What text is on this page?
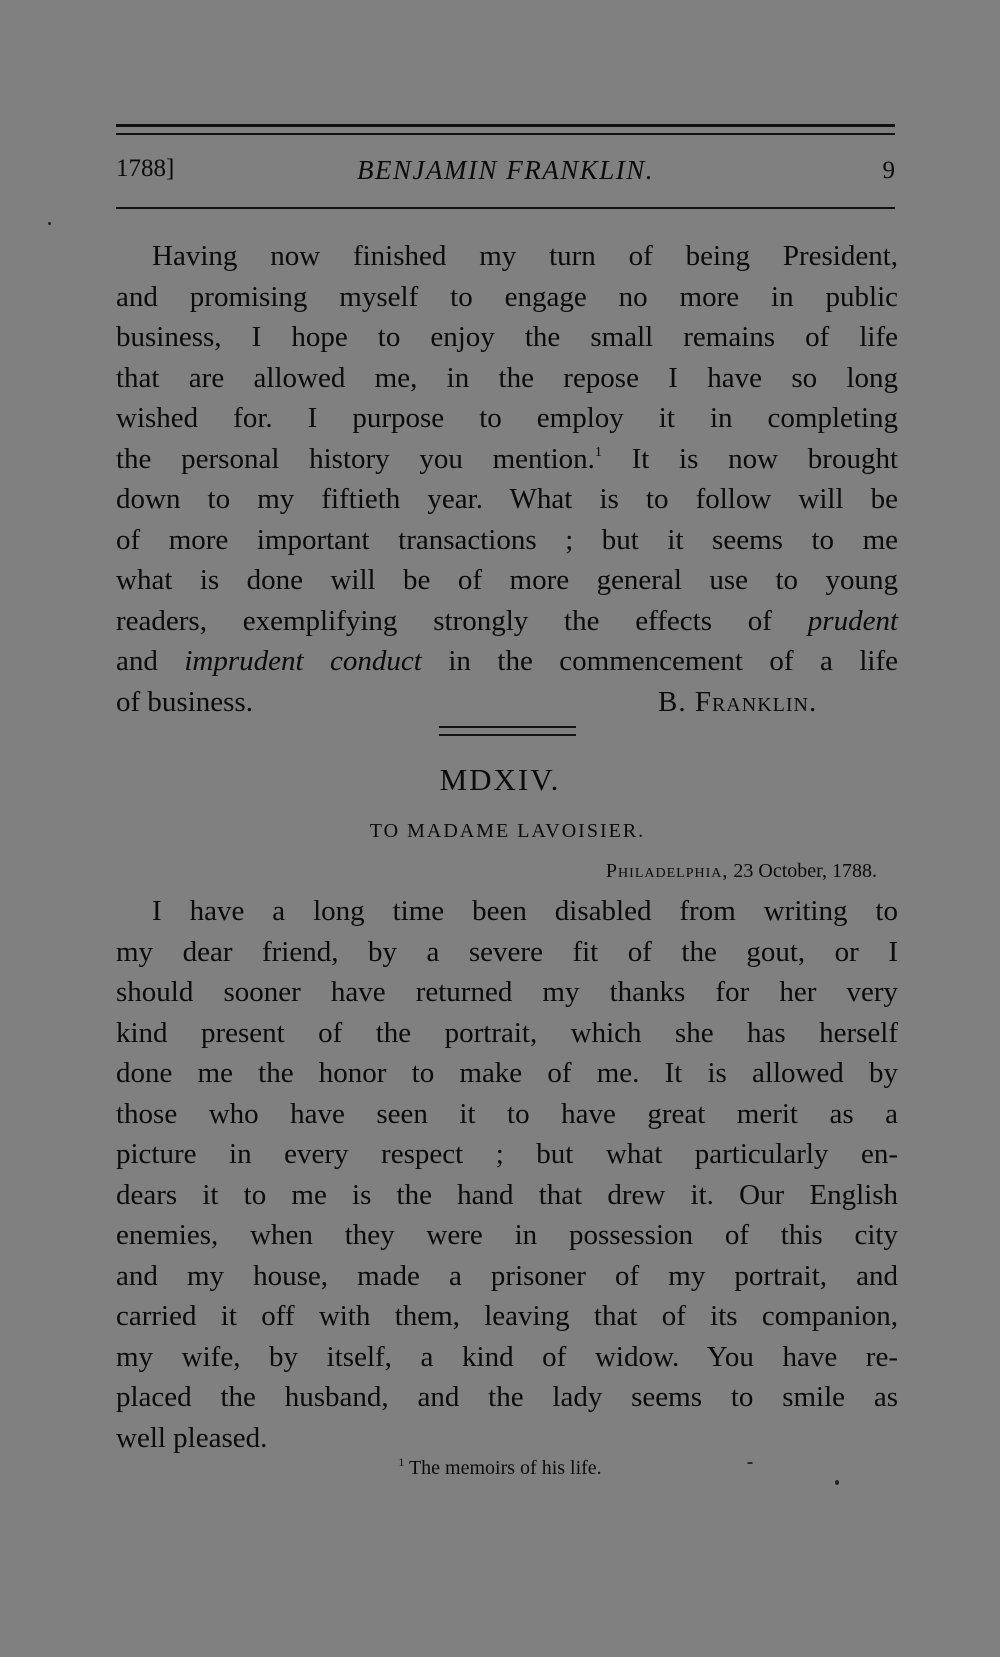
1788]	BENJAMIN FRANKLIN.	9
Having now finished my turn of being President,
and promising myself to engage no more in public
business, I hope to enjoy the small remains of life
that are allowed me, in the repose I have so long
wished for. I purpose to employ it in completing
the personal history you mention.$^1$ It is now brought
down to my fiftieth year. What is to follow will be
of more important transactions ; but it seems to me
what is done will be of more general use to young
readers, exemplifying strongly the effects of prudent
and imprudent conduct in the commencement of a life
of business.	B. Franklin.
MDXIV.
TO MADAME LAVOISIER.
Philadelphia, 23 October, 1788.
I have a long time been disabled from writing to
my dear friend, by a severe fit of the gout, or I
should sooner have returned my thanks for her very
kind present of the portrait, which she has herself
done me the honor to make of me. It is allowed by
those who have seen it to have great merit as a
picture in every respect ; but what particularly en-
dears it to me is the hand that drew it. Our English
enemies, when they were in possession of this city
and my house, made a prisoner of my portrait, and
carried it off with them, leaving that of its companion,
my wife, by itself, a kind of widow. You have re-
placed the husband, and the lady seems to smile as
well pleased.
$^1$ The memoirs of his life.
